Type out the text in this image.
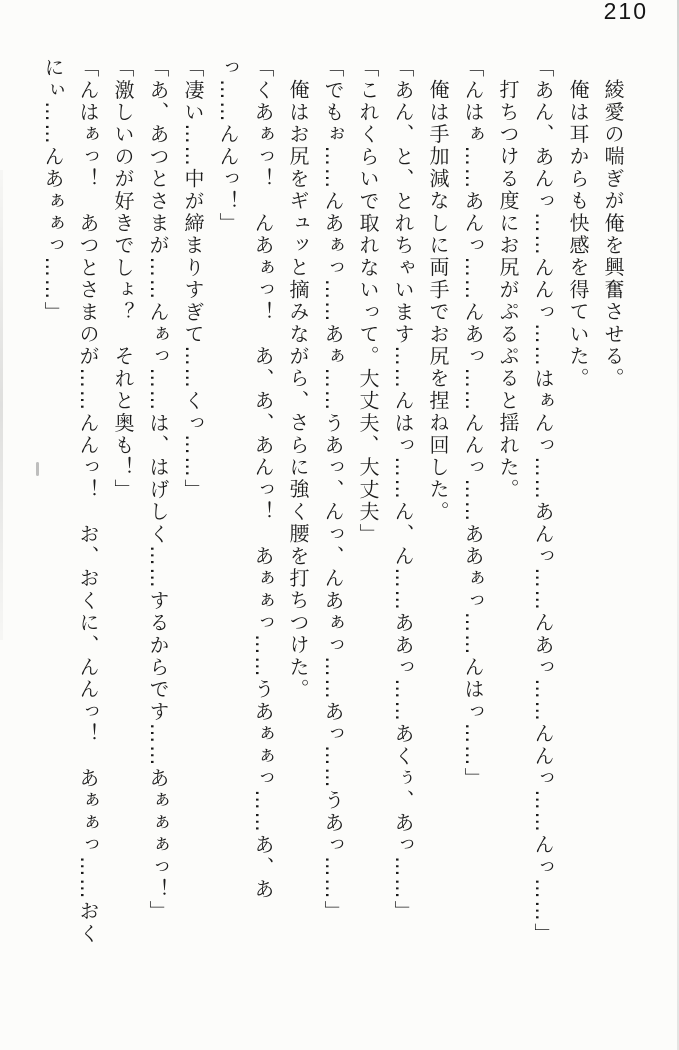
210
綾愛の喘ぎが俺を興奮させる。
俺は耳からも快感を得ていた。
「あん、あんっ……んんっ……はぁんっ……あんっ……んあっ……んんっ……んっ……」
打ちつける度にお尻がぷるぷると揺れた。
「んはぁ……あんっ……んあっ……んんっ……ああぁっ……んはっ……」
俺は手加減なしに両手でお尻を捏ね回した。
「あん、と、とれちゃいます……んはっ……ん、ん……ああっ……あくぅ、あっ……」
「これくらいで取れないって。大丈夫、大丈夫」
「でもぉ……んあぁっ……あぁ……うあっ、んっ、んあぁっ……あっ……うあっ……」
俺はお尻をギュッと摘みながら、さらに強く腰を打ちつけた。
「くあぁっ！　んあぁっ！　あ、あ、あんっ！　あぁぁっ……うあぁぁっ……あ、あ
っ……んんっ！」
「凄い……中が締まりすぎて……くっ……」
「あ、あつとさまが……んぁっ……は、はげしく……するからです……あぁぁぁっ！」
「激しいのが好きでしょ？　それと奥も！」
「んはぁっ！　あつとさまのが……んんっ！　お、おくに、んんっ！　あぁぁっ……おく
にぃ……んあぁぁっ……」
